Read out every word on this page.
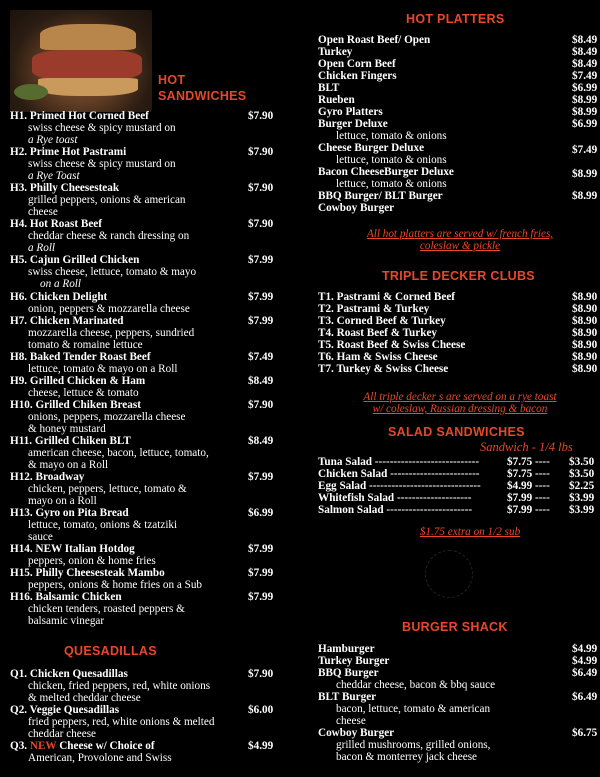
HOT
SANDWICHES
H1. Primed Hot Corned Beef	$7.90
swiss cheese & spicy mustard on
a Rye toast
H2. Prime Hot Pastrami	$7.90
swiss cheese & spicy mustard on
a Rye Toast
H3. Philly Cheesesteak	$7.90
grilled peppers, onions & american
cheese
H4. Hot Roast Beef	$7.90
cheddar cheese & ranch dressing on
a Roll
H5. Cajun Grilled Chicken	$7.99
swiss cheese, lettuce, tomato & mayo
on a Roll
H6. Chicken Delight	$7.99
onion, peppers & mozzarella cheese
H7. Chicken Marinated	$7.99
mozzarella cheese, peppers, sundried
tomato & romaine lettuce
H8. Baked Tender Roast Beef	$7.49
lettuce, tomato & mayo on a Roll
H9. Grilled Chicken & Ham	$8.49
cheese, lettuce & tomato
H10. Grilled Chiken Breast	$7.90
onions, peppers, mozzarella cheese
& honey mustard
H11. Grilled Chiken BLT	$8.49
american cheese, bacon, lettuce, tomato,
& mayo on a Roll
H12. Broadway	$7.99
chicken, peppers, lettuce, tomato &
mayo on a Roll
H13. Gyro on Pita Bread	$6.99
lettuce, tomato, onions & tzatziki
sauce
H14. NEW Italian Hotdog	$7.99
peppers, onion & home fries
H15. Philly Cheesesteak Mambo	$7.99
peppers, onions & home fries on a Sub
H16. Balsamic Chicken	$7.99
chicken tenders, roasted peppers &
balsamic vinegar
QUESADILLAS
Q1. Chicken Quesadillas	$7.90
chicken, fried peppers, red, white onions
& melted cheddar cheese
Q2. Veggie Quesadillas	$6.00
fried peppers, red, white onions & melted
cheddar cheese
Q3. NEW Cheese w/ Choice of	$4.99
American, Provolone and Swiss
HOT PLATTERS
Open Roast Beef/ Open	$8.49
Turkey	$8.49
Open Corn Beef	$8.49
Chicken Fingers	$7.49
BLT	$6.99
Rueben	$8.99
Gyro Platters	$8.99
Burger Deluxe	$6.99
lettuce, tomato & onions
Cheese Burger Deluxe	$7.49
lettuce, tomato & onions
Bacon CheeseBurger Deluxe	$8.99
lettuce, tomato & onions
BBQ Burger/ BLT Burger	$8.99
Cowboy Burger
All hot platters are served w/ french fries,
coleslaw & pickle
TRIPLE DECKER CLUBS
T1. Pastrami & Corned Beef	$8.90
T2. Pastrami & Turkey	$8.90
T3. Corned Beef & Turkey	$8.90
T4. Roast Beef & Turkey	$8.90
T5. Roast Beef & Swiss Cheese	$8.90
T6. Ham & Swiss Cheese	$8.90
T7. Turkey & Swiss Cheese	$8.90
All triple decker s are served on a rye toast
w/ coleslaw, Russian dressing & bacon
SALAD SANDWICHES
Sandwich - 1/4 lbs
Tuna Salad ---------------------------- $7.75 ---- $3.50
Chicken Salad ------------------------ $7.75 ---- $3.50
Egg Salad ------------------------------ $4.99 ---- $2.25
Whitefish Salad --------------------	$7.99 ---- $3.99
Salmon Salad -----------------------	$7.99 ---- $3.99
$1.75 extra on 1/2 sub
BURGER SHACK
Hamburger	$4.99
Turkey Burger	$4.99
BBQ Burger	$6.49
cheddar cheese, bacon & bbq sauce
BLT Burger	$6.49
bacon, lettuce, tomato & american
cheese
Cowboy Burger	$6.75
grilled mushrooms, grilled onions,
bacon & monterrey jack cheese
